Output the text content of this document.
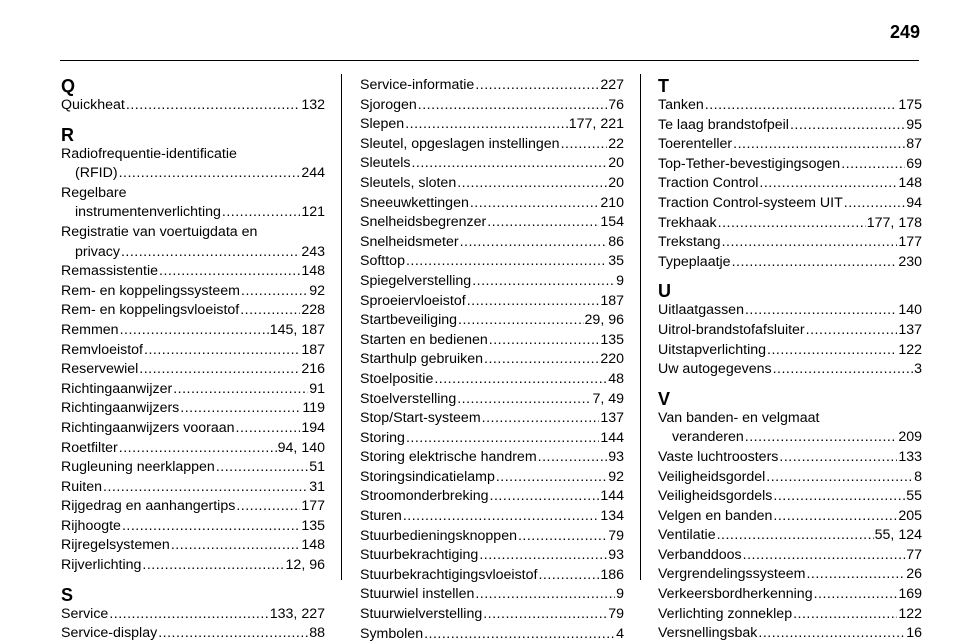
249
Q
Quickheat .....	132
R
Radiofrequentie-identificatie
(RFID) .....	244
Regelbare
instrumentenverlichting .....	121
Registratie van voertuigdata en
privacy .....	243
Remassistentie .....	148
Rem- en koppelingssysteem .....	92
Rem- en koppelingsvloeistof .....	228
Remmen .....	145, 187
Remvloeistof .....	187
Reservewiel .....	216
Richtingaanwijzer .....	91
Richtingaanwijzers .....	119
Richtingaanwijzers vooraan .....	194
Roetfilter .....	94, 140
Rugleuning neerklappen .....	51
Ruiten .....	31
Rijgedrag en aanhangertips .....	177
Rijhoogte .....	135
Rijregelsystemen .....	148
Rijverlichting .....	12, 96
S
Service .....	133, 227
Service-display .....	88
Service-informatie .....	227
Sjorogen .....	76
Slepen .....	177, 221
Sleutel, opgeslagen instellingen .....	22
Sleutels .....	20
Sleutels, sloten .....	20
Sneeuwkettingen .....	210
Snelheidsbegrenzer .....	154
Snelheidsmeter .....	86
Softtop .....	35
Spiegelverstelling .....	9
Sproeiervloeistof .....	187
Startbeveiliging .....	29, 96
Starten en bedienen .....	135
Starthulp gebruiken .....	220
Stoelpositie .....	48
Stoelverstelling .....	7, 49
Stop/Start-systeem .....	137
Storing .....	144
Storing elektrische handrem .....	93
Storingsindicatielamp .....	92
Stroomonderbreking .....	144
Sturen .....	134
Stuurbedieningsknoppen .....	79
Stuurbekrachtiging .....	93
Stuurbekrachtigingsvloeistof .....	186
Stuurwiel instellen .....	9
Stuurwielverstelling .....	79
Symbolen .....	4
T
Tanken .....	175
Te laag brandstofpeil .....	95
Toerenteller .....	87
Top-Tether-bevestigingsogen .....	69
Traction Control .....	148
Traction Control-systeem UIT .....	94
Trekhaak .....	177, 178
Trekstang .....	177
Typeplaatje .....	230
U
Uitlaatgassen .....	140
Uitrol-brandstofafsluiter .....	137
Uitstapverlichting .....	122
Uw autogegevens .....	3
V
Van banden- en velgmaat
veranderen .....	209
Vaste luchtroosters .....	133
Veiligheidsgordel .....	8
Veiligheidsgordels .....	55
Velgen en banden .....	205
Ventilatie .....	55, 124
Verbanddoos .....	77
Vergrendelingssysteem .....	26
Verkeersbordherkenning .....	169
Verlichting zonneklep .....	122
Versnellingsbak .....	16
